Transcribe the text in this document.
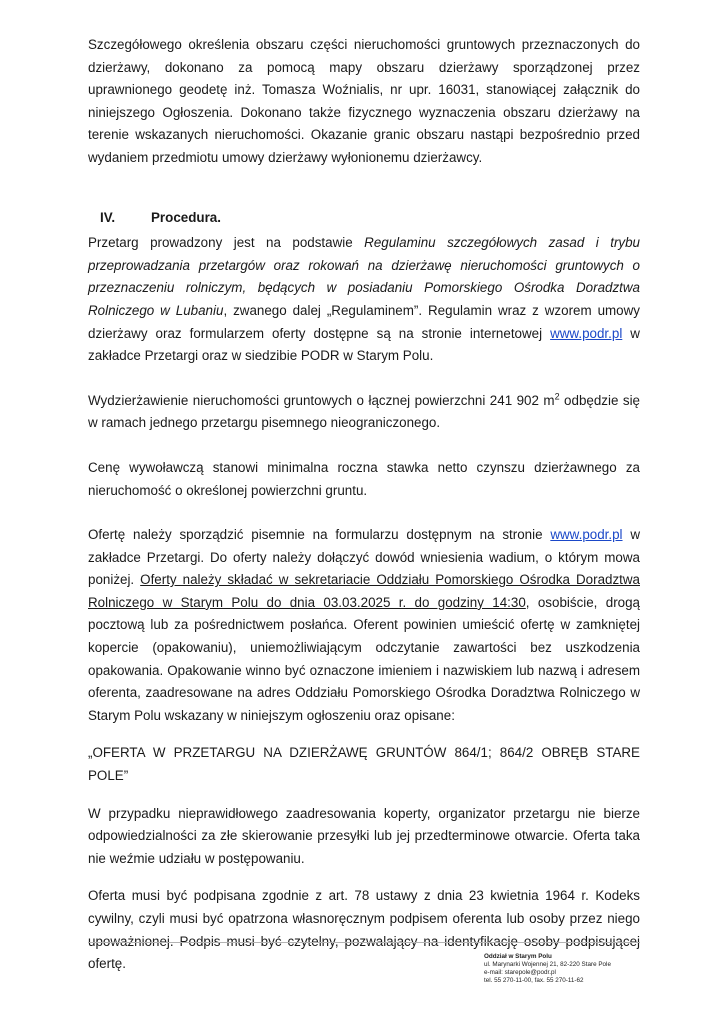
Szczegółowego określenia obszaru części nieruchomości gruntowych przeznaczonych do dzierżawy, dokonano za pomocą mapy obszaru dzierżawy sporządzonej przez uprawnionego geodetę inż. Tomasza Woźnialis, nr upr. 16031, stanowiącej załącznik do niniejszego Ogłoszenia. Dokonano także fizycznego wyznaczenia obszaru dzierżawy na terenie wskazanych nieruchomości. Okazanie granic obszaru nastąpi bezpośrednio przed wydaniem przedmiotu umowy dzierżawy wyłonionemu dzierżawcy.

IV.	Procedura.

Przetarg prowadzony jest na podstawie Regulaminu szczegółowych zasad i trybu przeprowadzania przetargów oraz rokowań na dzierżawę nieruchomości gruntowych o przeznaczeniu rolniczym, będących w posiadaniu Pomorskiego Ośrodka Doradztwa Rolniczego w Lubaniu, zwanego dalej „Regulaminem”. Regulamin wraz z wzorem umowy dzierżawy oraz formularzem oferty dostępne są na stronie internetowej www.podr.pl w zakładce Przetargi oraz w siedzibie PODR w Starym Polu.

Wydzierżawienie nieruchomości gruntowych o łącznej powierzchni 241 902 $m^2$ odbędzie się w ramach jednego przetargu pisemnego nieograniczonego.

Cenę wywoławczą stanowi minimalna roczna stawka netto czynszu dzierżawnego za nieruchomość o określonej powierzchni gruntu.

Ofertę należy sporządzić pisemnie na formularzu dostępnym na stronie www.podr.pl w zakładce Przetargi. Do oferty należy dołączyć dowód wniesienia wadium, o którym mowa poniżej. Oferty należy składać w sekretariacie Oddziału Pomorskiego Ośrodka Doradztwa Rolniczego w Starym Polu do dnia 03.03.2025 r. do godziny 14:30, osobiście, drogą pocztową lub za pośrednictwem posłańca. Oferent powinien umieścić ofertę w zamkniętej kopercie (opakowaniu), uniemożliwiającym odczytanie zawartości bez uszkodzenia opakowania. Opakowanie winno być oznaczone imieniem i nazwiskiem lub nazwą i adresem oferenta, zaadresowane na adres Oddziału Pomorskiego Ośrodka Doradztwa Rolniczego w Starym Polu wskazany w niniejszym ogłoszeniu oraz opisane:

„OFERTA W PRZETARGU NA DZIERŻAWĘ GRUNTÓW 864/1; 864/2 OBRĘB STARE POLE”

W przypadku nieprawidłowego zaadresowania koperty, organizator przetargu nie bierze odpowiedzialności za złe skierowanie przesyłki lub jej przedterminowe otwarcie. Oferta taka nie weźmie udziału w postępowaniu.

Oferta musi być podpisana zgodnie z art. 78 ustawy z dnia 23 kwietnia 1964 r. Kodeks cywilny, czyli musi być opatrzona własnoręcznym podpisem oferenta lub osoby przez niego ofertę.	Oddział w Starym Polu
ul. Marynarki Wojennej 21, 82-220 Stare Pole
e-mail: starepole@podr.pl
tel. 55 270-11-00, fax. 55 270-11-62
